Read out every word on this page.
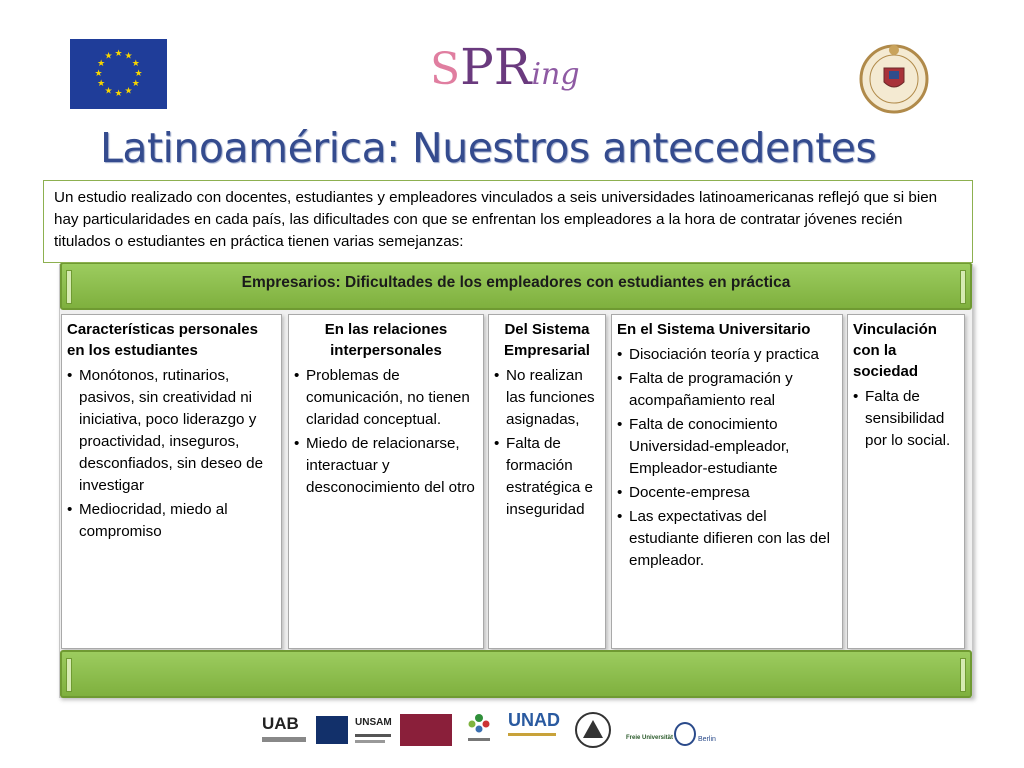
★ ★
★
★
★
★
★
★
★
★
★
★	SPRing
Latinoamérica: Nuestros antecedentes
Un estudio realizado con docentes, estudiantes y empleadores vinculados a seis universidades latinoamericanas reflejó que si bien hay particularidades en cada país, las dificultades con que se enfrentan los empleadores a la hora de contratar jóvenes recién titulados o estudiantes en práctica tienen varias semejanzas:
Empresarios: Dificultades de los empleadores con estudiantes en práctica
Características personales en los estudiantes
• Monótonos, rutinarios, pasivos, sin creatividad ni iniciativa, poco liderazgo y proactividad, inseguros, desconfiados, sin deseo de investigar
• Mediocridad, miedo al compromiso
En las relaciones interpersonales
• Problemas de comunicación, no tienen claridad conceptual.
• Miedo de relacionarse, interactuar y desconocimiento del otro
Del Sistema Empresarial
• No realizan las funciones asignadas,
• Falta de formación estratégica e inseguridad
En el Sistema Universitario
• Disociación teoría y practica
• Falta de programación y acompañamiento real
• Falta de conocimiento Universidad-empleador, Empleador-estudiante
• Docente-empresa
• Las expectativas del estudiante difieren con las del empleador.
Vinculación con la sociedad
• Falta de sensibilidad por lo social.
UAB	UNSAM	UNAD
Freie Universität	Berlin
